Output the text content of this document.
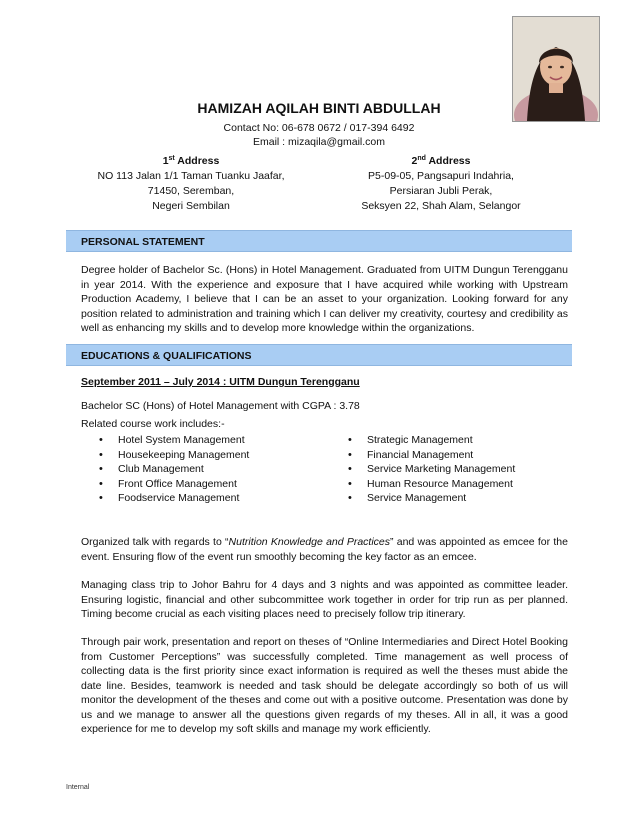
HAMIZAH AQILAH BINTI ABDULLAH
Contact No: 06-678 0672 / 017-394 6492
Email : mizaqila@gmail.com
1st Address
NO 113 Jalan 1/1 Taman Tuanku Jaafar,
71450, Seremban,
Negeri Sembilan
2nd Address
P5-09-05, Pangsapuri Indahria,
Persiaran Jubli Perak,
Seksyen 22, Shah Alam, Selangor
PERSONAL STATEMENT
Degree holder of Bachelor Sc. (Hons) in Hotel Management. Graduated from UITM Dungun Terengganu in year 2014. With the experience and exposure that I have acquired while working with Upstream Production Academy, I believe that I can be an asset to your organization. Looking forward for any position related to administration and training which I can deliver my creativity, courtesy and credibility as well as enhancing my skills and to develop more knowledge within the organizations.
EDUCATIONS & QUALIFICATIONS
September 2011 – July 2014 : UITM Dungun Terengganu
Bachelor SC (Hons) of Hotel Management with CGPA : 3.78
Related course work includes:-
• Hotel System Management
• Housekeeping Management
• Club Management
• Front Office Management
• Foodservice Management
• Strategic Management
• Financial Management
• Service Marketing Management
• Human Resource Management
• Service Management
Organized talk with regards to “Nutrition Knowledge and Practices” and was appointed as emcee for the event. Ensuring flow of the event run smoothly becoming the key factor as an emcee.
Managing class trip to Johor Bahru for 4 days and 3 nights and was appointed as committee leader. Ensuring logistic, financial and other subcommittee work together in order for trip run as per planned. Timing become crucial as each visiting places need to precisely follow trip itinerary.
Through pair work, presentation and report on theses of “Online Intermediaries and Direct Hotel Booking from Customer Perceptions” was successfully completed. Time management as well process of collecting data is the first priority since exact information is required as well the theses must abide the date line. Besides, teamwork is needed and task should be delegate accordingly so both of us will monitor the development of the theses and come out with a positive outcome. Presentation was done by us and we manage to answer all the questions given regards of my theses. All in all, it was a good experience for me to develop my soft skills and manage my work efficiently.
Internal
